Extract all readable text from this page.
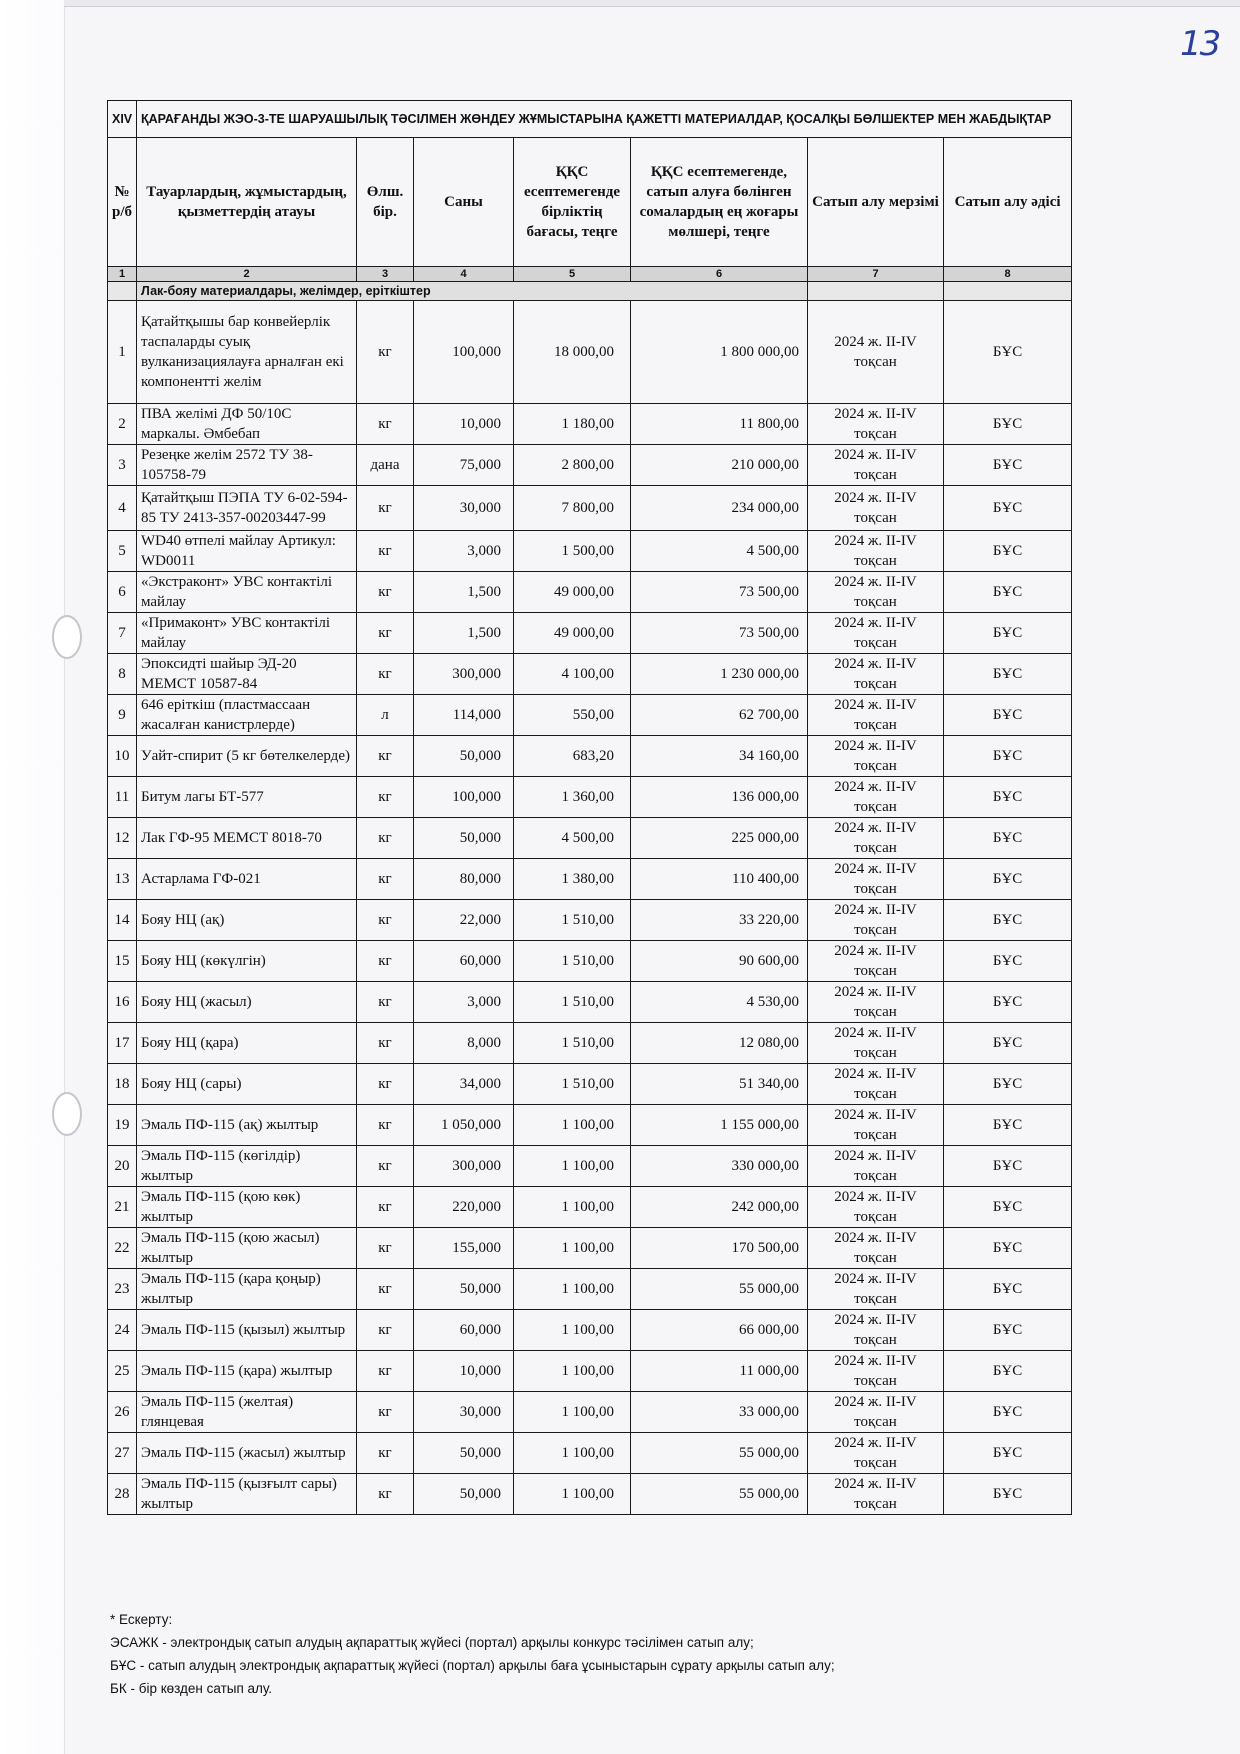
13
XIV	ҚАРАҒАНДЫ ЖЭО-3-ТЕ ШАРУАШЫЛЫҚ ТӘСІЛМЕН ЖӨНДЕУ ЖҰМЫСТАРЫНА ҚАЖЕТТІ МАТЕРИАЛДАР, ҚОСАЛҚЫ БӨЛШЕКТЕР МЕН ЖАБДЫҚТАР						
№ р/б	Тауарлардың, жұмыстардың, қызметтердің атауы	Өлш. бір.	Саны	ҚҚС есептемегенде бірліктің бағасы, теңге	ҚҚС есептемегенде, сатып алуға бөлінген сомалардың ең жоғары мөлшері, теңге	Сатып алу мерзімі	Сатып алу әдісі
1	2	3	4	5	6	7	8
	Лак-бояу материалдары, желімдер, еріткіштер						
1	Қатайтқышы бар конвейерлік таспаларды суық вулканизациялауға арналған екі компонентті желім	кг	100,000	18 000,00	1 800 000,00	2024 ж. II-IV тоқсан	БҰС
2	ПВА желімі ДФ 50/10С маркалы. Әмбебап	кг	10,000	1 180,00	11 800,00	2024 ж. II-IV тоқсан	БҰС
3	Резеңке желім 2572 ТУ 38-105758-79	дана	75,000	2 800,00	210 000,00	2024 ж. II-IV тоқсан	БҰС
4	Қатайтқыш ПЭПА ТУ 6-02-594-85 ТУ 2413-357-00203447-99	кг	30,000	7 800,00	234 000,00	2024 ж. II-IV тоқсан	БҰС
5	WD40 өтпелі майлау Артикул: WD0011	кг	3,000	1 500,00	4 500,00	2024 ж. II-IV тоқсан	БҰС
6	«Экстраконт» УВС контактілі майлау	кг	1,500	49 000,00	73 500,00	2024 ж. II-IV тоқсан	БҰС
7	«Примаконт» УВС контактілі майлау	кг	1,500	49 000,00	73 500,00	2024 ж. II-IV тоқсан	БҰС
8	Эпоксидті шайыр ЭД-20 МЕМСТ 10587-84	кг	300,000	4 100,00	1 230 000,00	2024 ж. II-IV тоқсан	БҰС
9	646 еріткіш (пластмассаан жасалған канистрлерде)	л	114,000	550,00	62 700,00	2024 ж. II-IV тоқсан	БҰС
10	Уайт-спирит (5 кг бөтелкелерде)	кг	50,000	683,20	34 160,00	2024 ж. II-IV тоқсан	БҰС
11	Битум лагы БТ-577	кг	100,000	1 360,00	136 000,00	2024 ж. II-IV тоқсан	БҰС
12	Лак ГФ-95 МЕМСТ 8018-70	кг	50,000	4 500,00	225 000,00	2024 ж. II-IV тоқсан	БҰС
13	Астарлама ГФ-021	кг	80,000	1 380,00	110 400,00	2024 ж. II-IV тоқсан	БҰС
14	Бояу НЦ (ақ)	кг	22,000	1 510,00	33 220,00	2024 ж. II-IV тоқсан	БҰС
15	Бояу НЦ (көкүлгін)	кг	60,000	1 510,00	90 600,00	2024 ж. II-IV тоқсан	БҰС
16	Бояу НЦ (жасыл)	кг	3,000	1 510,00	4 530,00	2024 ж. II-IV тоқсан	БҰС
17	Бояу НЦ (қара)	кг	8,000	1 510,00	12 080,00	2024 ж. II-IV тоқсан	БҰС
18	Бояу НЦ (сары)	кг	34,000	1 510,00	51 340,00	2024 ж. II-IV тоқсан	БҰС
19	Эмаль ПФ-115 (ақ) жылтыр	кг	1 050,000	1 100,00	1 155 000,00	2024 ж. II-IV тоқсан	БҰС
20	Эмаль ПФ-115 (көгілдір) жылтыр	кг	300,000	1 100,00	330 000,00	2024 ж. II-IV тоқсан	БҰС
21	Эмаль ПФ-115 (қою көк) жылтыр	кг	220,000	1 100,00	242 000,00	2024 ж. II-IV тоқсан	БҰС
22	Эмаль ПФ-115 (қою жасыл) жылтыр	кг	155,000	1 100,00	170 500,00	2024 ж. II-IV тоқсан	БҰС
23	Эмаль ПФ-115 (қара қоңыр) жылтыр	кг	50,000	1 100,00	55 000,00	2024 ж. II-IV тоқсан	БҰС
24	Эмаль ПФ-115 (қызыл) жылтыр	кг	60,000	1 100,00	66 000,00	2024 ж. II-IV тоқсан	БҰС
25	Эмаль ПФ-115 (қара) жылтыр	кг	10,000	1 100,00	11 000,00	2024 ж. II-IV тоқсан	БҰС
26	Эмаль ПФ-115 (желтая) глянцевая	кг	30,000	1 100,00	33 000,00	2024 ж. II-IV тоқсан	БҰС
27	Эмаль ПФ-115 (жасыл) жылтыр	кг	50,000	1 100,00	55 000,00	2024 ж. II-IV тоқсан	БҰС
28	Эмаль ПФ-115 (қызғылт сары) жылтыр	кг	50,000	1 100,00	55 000,00	2024 ж. II-IV тоқсан	БҰС
* Ескерту:
ЭСАЖК - электрондық сатып алудың ақпараттық жүйесі (портал) арқылы конкурс тәсілімен сатып алу;
БҰС - сатып алудың электрондық ақпараттық жүйесі (портал) арқылы баға ұсыныстарын сұрату арқылы сатып алу;
БК - бір көзден сатып алу.
